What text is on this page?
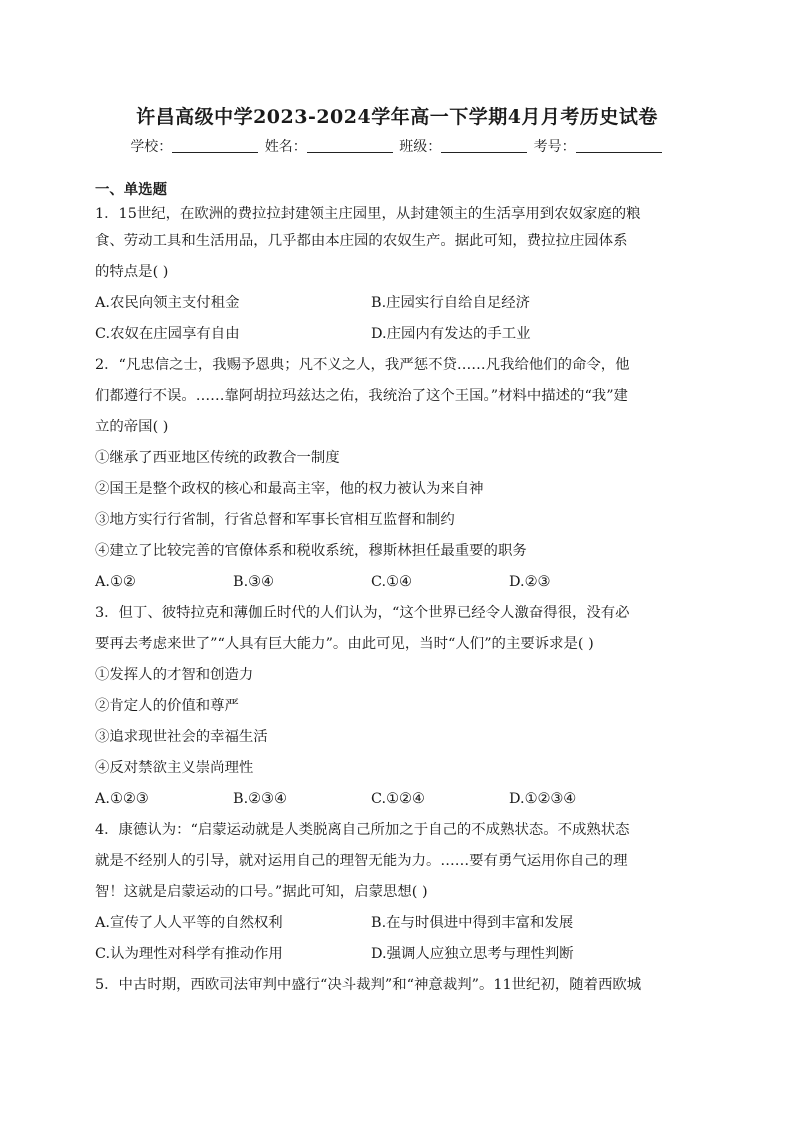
许昌高级中学2023-2024学年高一下学期4月月考历史试卷
学校：	姓名：	班级：	考号：
一、单选题
1．15世纪，在欧洲的费拉拉封建领主庄园里，从封建领主的生活享用到农奴家庭的粮
食、劳动工具和生活用品，几乎都由本庄园的农奴生产。据此可知，费拉拉庄园体系
的特点是( )
A.农民向领主支付租金	B.庄园实行自给自足经济
C.农奴在庄园享有自由	D.庄园内有发达的手工业
2．“凡忠信之士，我赐予恩典；凡不义之人，我严惩不贷……凡我给他们的命令，他
们都遵行不误。……靠阿胡拉玛兹达之佑，我统治了这个王国。”材料中描述的“我”建
立的帝国( )
①继承了西亚地区传统的政教合一制度
②国王是整个政权的核心和最高主宰，他的权力被认为来自神
③地方实行行省制，行省总督和军事长官相互监督和制约
④建立了比较完善的官僚体系和税收系统，穆斯林担任最重要的职务
A.①②	B.③④	C.①④	D.②③
3．但丁、彼特拉克和薄伽丘时代的人们认为，“这个世界已经令人激奋得很，没有必
要再去考虑来世了”“人具有巨大能力”。由此可见，当时“人们”的主要诉求是( )
①发挥人的才智和创造力
②肯定人的价值和尊严
③追求现世社会的幸福生活
④反对禁欲主义崇尚理性
A.①②③	B.②③④	C.①②④	D.①②③④
4．康德认为：“启蒙运动就是人类脱离自己所加之于自己的不成熟状态。不成熟状态
就是不经别人的引导，就对运用自己的理智无能为力。……要有勇气运用你自己的理
智！这就是启蒙运动的口号。”据此可知，启蒙思想( )
A.宣传了人人平等的自然权利	B.在与时俱进中得到丰富和发展
C.认为理性对科学有推动作用	D.强调人应独立思考与理性判断
5．中古时期，西欧司法审判中盛行“决斗裁判”和“神意裁判”。11世纪初，随着西欧城
